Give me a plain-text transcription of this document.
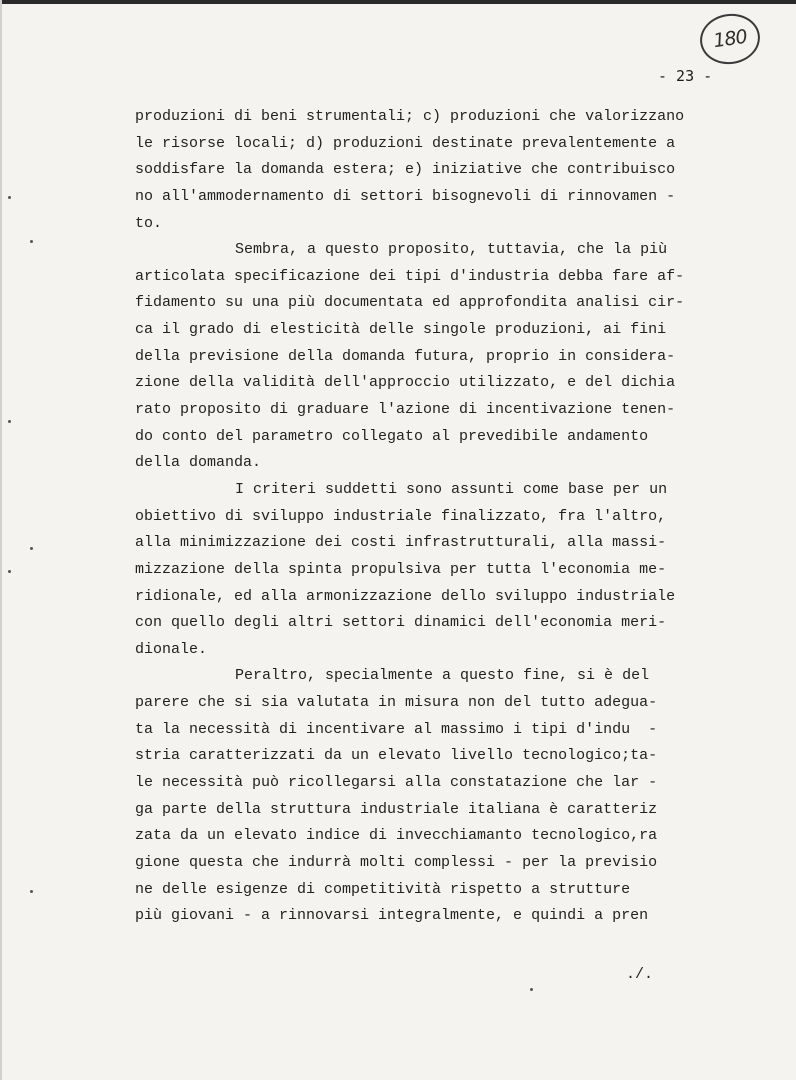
180
- 23 -
produzioni di beni strumentali; c) produzioni che valorizzano
le risorse locali; d) produzioni destinate prevalentemente a
soddisfare la domanda estera; e) iniziative che contribuisco
no all'ammodernamento di settori bisognevoli di rinnovamen -
to.
Sembra, a questo proposito, tuttavia, che la più
articolata specificazione dei tipi d'industria debba fare af-
fidamento su una più documentata ed approfondita analisi cir-
ca il grado di elesticità delle singole produzioni, ai fini
della previsione della domanda futura, proprio in considera-
zione della validità dell'approccio utilizzato, e del dichia
rato proposito di graduare l'azione di incentivazione tenen-
do conto del parametro collegato al prevedibile andamento
della domanda.
I criteri suddetti sono assunti come base per un
obiettivo di sviluppo industriale finalizzato, fra l'altro,
alla minimizzazione dei costi infrastrutturali, alla massi-
mizzazione della spinta propulsiva per tutta l'economia me-
ridionale, ed alla armonizzazione dello sviluppo industriale
con quello degli altri settori dinamici dell'economia meri-
dionale.
Peraltro, specialmente a questo fine, si è del
parere che si sia valutata in misura non del tutto adegua-
ta la necessità di incentivare al massimo i tipi d'indu  -
stria caratterizzati da un elevato livello tecnologico;ta-
le necessità può ricollegarsi alla constatazione che lar -
ga parte della struttura industriale italiana è caratteriz
zata da un elevato indice di invecchiamanto tecnologico,ra
gione questa che indurrà molti complessi - per la previsio
ne delle esigenze di competitività rispetto a strutture
più giovani - a rinnovarsi integralmente, e quindi a pren
./.
